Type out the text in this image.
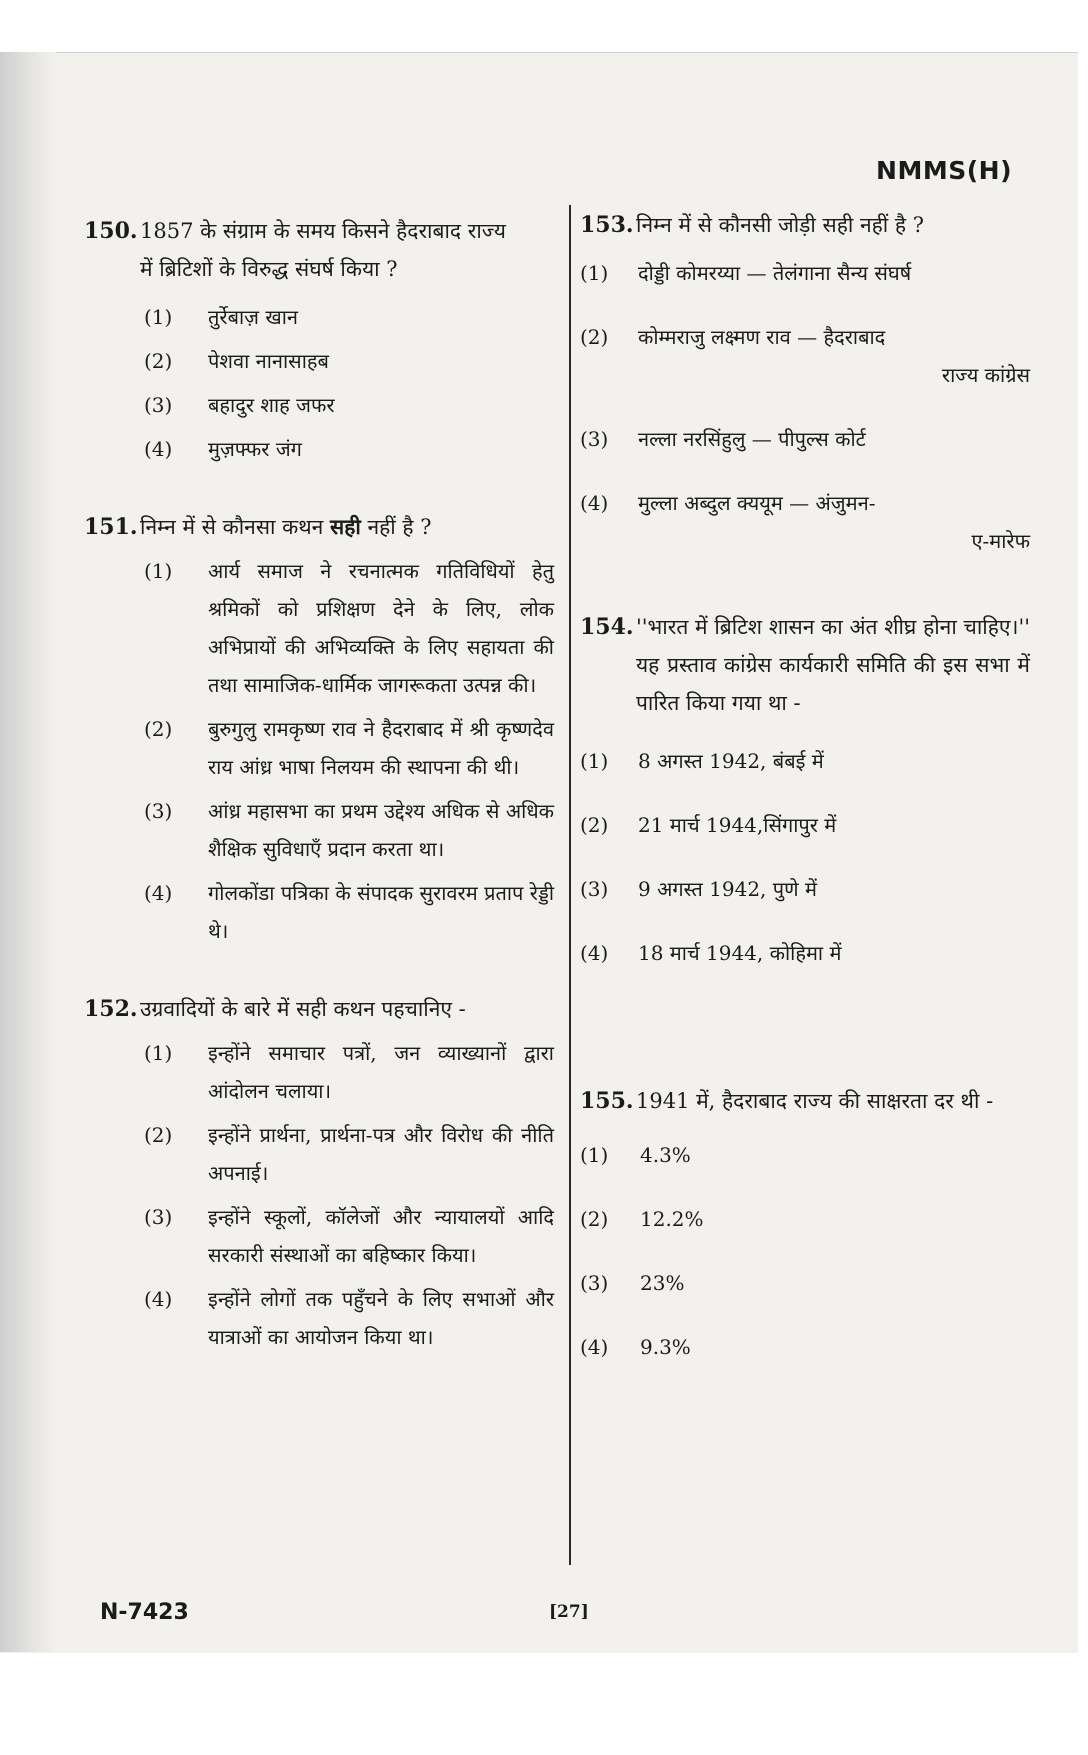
NMMS(H)
150. 1857 के संग्राम के समय किसने हैदराबाद राज्य
में ब्रिटिशों के विरुद्ध संघर्ष किया ?
(1)	तुर्रेबाज़ खान
(2)	पेशवा नानासाहब
(3)	बहादुर शाह जफर
(4)	मुज़फ्फर जंग
151. निम्न में से कौनसा कथन सही नहीं है ?
(1)	आर्य समाज ने रचनात्मक गतिविधियों हेतु श्रमिकों को प्रशिक्षण देने के लिए, लोक अभिप्रायों की अभिव्यक्ति के लिए सहायता की तथा सामाजिक-धार्मिक जागरूकता उत्पन्न की।
(2)	बुरुगुलु रामकृष्ण राव ने हैदराबाद में श्री कृष्णदेव राय आंध्र भाषा निलयम की स्थापना की थी।
(3)	आंध्र महासभा का प्रथम उद्देश्य अधिक से अधिक शैक्षिक सुविधाएँ प्रदान करता था।
(4)	गोलकोंडा पत्रिका के संपादक सुरावरम प्रताप रेड्डी थे।
152. उग्रवादियों के बारे में सही कथन पहचानिए -
(1)	इन्होंने समाचार पत्रों, जन व्याख्यानों द्वारा आंदोलन चलाया।
(2)	इन्होंने प्रार्थना, प्रार्थना-पत्र और विरोध की नीति अपनाई।
(3)	इन्होंने स्कूलों, कॉलेजों और न्यायालयों आदि सरकारी संस्थाओं का बहिष्कार किया।
(4)	इन्होंने लोगों तक पहुँचने के लिए सभाओं और यात्राओं का आयोजन किया था।
153. निम्न में से कौनसी जोड़ी सही नहीं है ?
(1)	दोड्डी कोमरय्या — तेलंगाना सैन्य संघर्ष
(2)	कोम्मराजु लक्ष्मण राव — हैदराबाद
राज्य कांग्रेस
(3)	नल्ला नरसिंहुलु — पीपुल्स कोर्ट
(4)	मुल्ला अब्दुल क्ययूम — अंजुमन-
ए-मारेफ
154. ''भारत में ब्रिटिश शासन का अंत शीघ्र होना चाहिए।'' यह प्रस्ताव कांग्रेस कार्यकारी समिति की इस सभा में पारित किया गया था -
(1)	8 अगस्त 1942, बंबई में
(2)	21 मार्च 1944,सिंगापुर में
(3)	9 अगस्त 1942, पुणे में
(4)	18 मार्च 1944, कोहिमा में
155. 1941 में, हैदराबाद राज्य की साक्षरता दर थी -
(1)	4.3%
(2)	12.2%
(3)	23%
(4)	9.3%
N-7423	[27]
